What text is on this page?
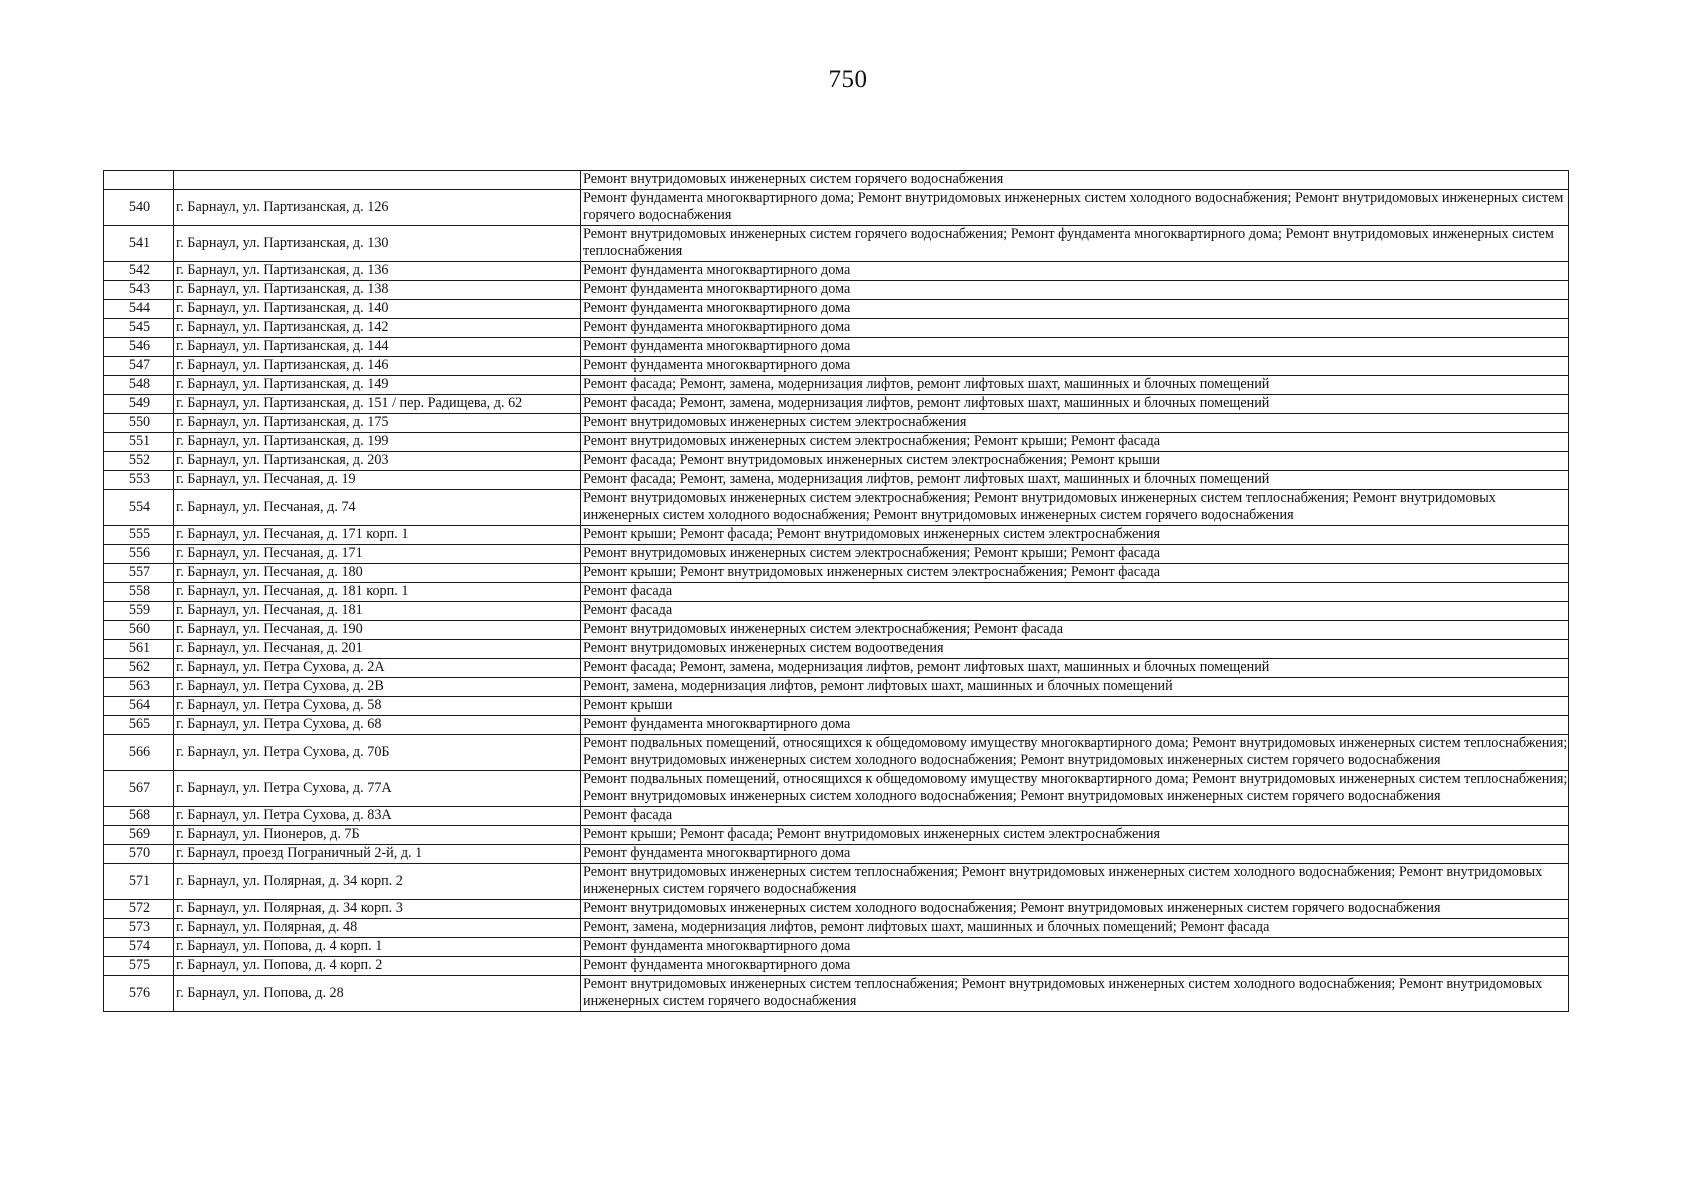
750
		Ремонт внутридомовых инженерных систем горячего водоснабжения
540	г. Барнаул, ул. Партизанская, д. 126	Ремонт фундамента многоквартирного дома; Ремонт внутридомовых инженерных систем холодного водоснабжения; Ремонт внутридомовых инженерных систем горячего водоснабжения
541	г. Барнаул, ул. Партизанская, д. 130	Ремонт внутридомовых инженерных систем горячего водоснабжения; Ремонт фундамента многоквартирного дома; Ремонт внутридомовых инженерных систем теплоснабжения
542	г. Барнаул, ул. Партизанская, д. 136	Ремонт фундамента многоквартирного дома
543	г. Барнаул, ул. Партизанская, д. 138	Ремонт фундамента многоквартирного дома
544	г. Барнаул, ул. Партизанская, д. 140	Ремонт фундамента многоквартирного дома
545	г. Барнаул, ул. Партизанская, д. 142	Ремонт фундамента многоквартирного дома
546	г. Барнаул, ул. Партизанская, д. 144	Ремонт фундамента многоквартирного дома
547	г. Барнаул, ул. Партизанская, д. 146	Ремонт фундамента многоквартирного дома
548	г. Барнаул, ул. Партизанская, д. 149	Ремонт фасада; Ремонт, замена, модернизация лифтов, ремонт лифтовых шахт, машинных и блочных помещений
549	г. Барнаул, ул. Партизанская, д. 151 / пер. Радищева, д. 62	Ремонт фасада; Ремонт, замена, модернизация лифтов, ремонт лифтовых шахт, машинных и блочных помещений
550	г. Барнаул, ул. Партизанская, д. 175	Ремонт внутридомовых инженерных систем электроснабжения
551	г. Барнаул, ул. Партизанская, д. 199	Ремонт внутридомовых инженерных систем электроснабжения; Ремонт крыши; Ремонт фасада
552	г. Барнаул, ул. Партизанская, д. 203	Ремонт фасада; Ремонт внутридомовых инженерных систем электроснабжения; Ремонт крыши
553	г. Барнаул, ул. Песчаная, д. 19	Ремонт фасада; Ремонт, замена, модернизация лифтов, ремонт лифтовых шахт, машинных и блочных помещений
554	г. Барнаул, ул. Песчаная, д. 74	Ремонт внутридомовых инженерных систем электроснабжения; Ремонт внутридомовых инженерных систем теплоснабжения; Ремонт внутридомовых инженерных систем холодного водоснабжения; Ремонт внутридомовых инженерных систем горячего водоснабжения
555	г. Барнаул, ул. Песчаная, д. 171 корп. 1	Ремонт крыши; Ремонт фасада; Ремонт внутридомовых инженерных систем электроснабжения
556	г. Барнаул, ул. Песчаная, д. 171	Ремонт внутридомовых инженерных систем электроснабжения; Ремонт крыши; Ремонт фасада
557	г. Барнаул, ул. Песчаная, д. 180	Ремонт крыши; Ремонт внутридомовых инженерных систем электроснабжения; Ремонт фасада
558	г. Барнаул, ул. Песчаная, д. 181 корп. 1	Ремонт фасада
559	г. Барнаул, ул. Песчаная, д. 181	Ремонт фасада
560	г. Барнаул, ул. Песчаная, д. 190	Ремонт внутридомовых инженерных систем электроснабжения; Ремонт фасада
561	г. Барнаул, ул. Песчаная, д. 201	Ремонт внутридомовых инженерных систем водоотведения
562	г. Барнаул, ул. Петра Сухова, д. 2А	Ремонт фасада; Ремонт, замена, модернизация лифтов, ремонт лифтовых шахт, машинных и блочных помещений
563	г. Барнаул, ул. Петра Сухова, д. 2В	Ремонт, замена, модернизация лифтов, ремонт лифтовых шахт, машинных и блочных помещений
564	г. Барнаул, ул. Петра Сухова, д. 58	Ремонт крыши
565	г. Барнаул, ул. Петра Сухова, д. 68	Ремонт фундамента многоквартирного дома
566	г. Барнаул, ул. Петра Сухова, д. 70Б	Ремонт подвальных помещений, относящихся к общедомовому имуществу многоквартирного дома; Ремонт внутридомовых инженерных систем теплоснабжения; Ремонт внутридомовых инженерных систем холодного водоснабжения; Ремонт внутридомовых инженерных систем горячего водоснабжения
567	г. Барнаул, ул. Петра Сухова, д. 77А	Ремонт подвальных помещений, относящихся к общедомовому имуществу многоквартирного дома; Ремонт внутридомовых инженерных систем теплоснабжения; Ремонт внутридомовых инженерных систем холодного водоснабжения; Ремонт внутридомовых инженерных систем горячего водоснабжения
568	г. Барнаул, ул. Петра Сухова, д. 83А	Ремонт фасада
569	г. Барнаул, ул. Пионеров, д. 7Б	Ремонт крыши; Ремонт фасада; Ремонт внутридомовых инженерных систем электроснабжения
570	г. Барнаул, проезд Пограничный 2-й, д. 1	Ремонт фундамента многоквартирного дома
571	г. Барнаул, ул. Полярная, д. 34 корп. 2	Ремонт внутридомовых инженерных систем теплоснабжения; Ремонт внутридомовых инженерных систем холодного водоснабжения; Ремонт внутридомовых инженерных систем горячего водоснабжения
572	г. Барнаул, ул. Полярная, д. 34 корп. 3	Ремонт внутридомовых инженерных систем холодного водоснабжения; Ремонт внутридомовых инженерных систем горячего водоснабжения
573	г. Барнаул, ул. Полярная, д. 48	Ремонт, замена, модернизация лифтов, ремонт лифтовых шахт, машинных и блочных помещений; Ремонт фасада
574	г. Барнаул, ул. Попова, д. 4 корп. 1	Ремонт фундамента многоквартирного дома
575	г. Барнаул, ул. Попова, д. 4 корп. 2	Ремонт фундамента многоквартирного дома
576	г. Барнаул, ул. Попова, д. 28	Ремонт внутридомовых инженерных систем теплоснабжения; Ремонт внутридомовых инженерных систем холодного водоснабжения; Ремонт внутридомовых инженерных систем горячего водоснабжения
